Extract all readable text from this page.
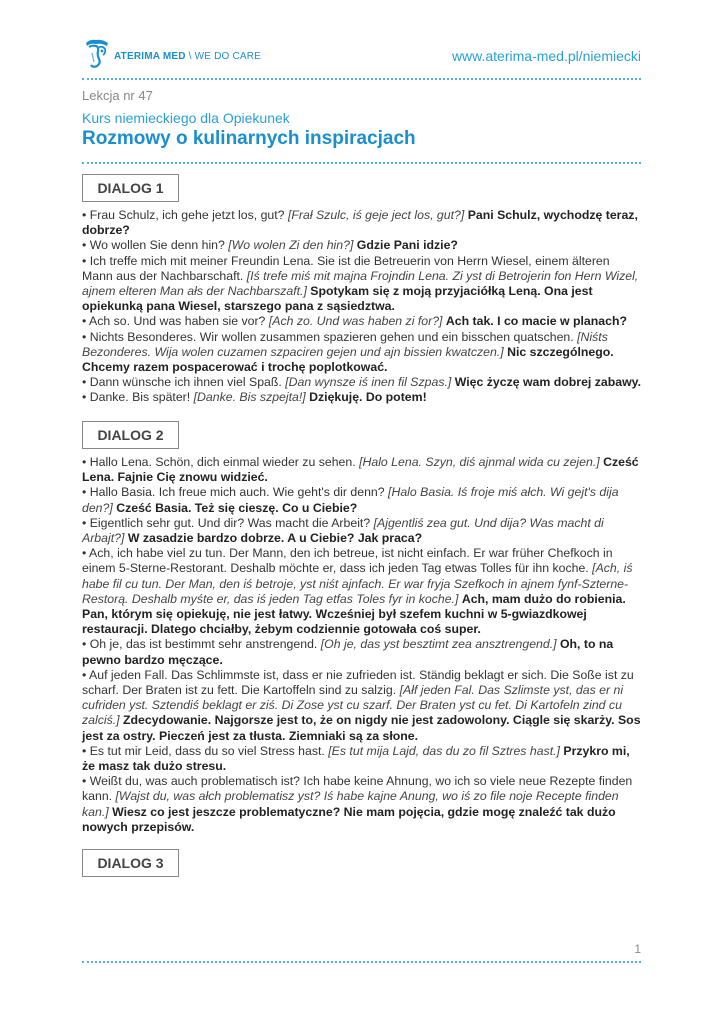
ATERIMA MED \ WE DO CARE	www.aterima-med.pl/niemiecki
Lekcja nr 47
Kurs niemieckiego dla Opiekunek
Rozmowy o kulinarnych inspiracjach
DIALOG 1

• Frau Schulz, ich gehe jetzt los, gut? [Frał Szulc, iś geje ject los, gut?] Pani Schulz, wychodzę teraz, dobrze?

• Wo wollen Sie denn hin? [Wo wolen Zi den hin?] Gdzie Pani idzie?

• Ich treffe mich mit meiner Freundin Lena. Sie ist die Betreuerin von Herrn Wiesel, einem älteren Mann aus der Nachbarschaft. [Iś trefe miś mit majna Frojndin Lena. Zi yst di Betrojerin fon Hern Wizel, ajnem elteren Man ałs der Nachbarszaft.] Spotykam się z moją przyjaciółką Leną. Ona jest opiekunką pana Wiesel, starszego pana z sąsiedztwa.

• Ach so. Und was haben sie vor? [Ach zo. Und was haben zi for?] Ach tak. I co macie w planach?

• Nichts Besonderes. Wir wollen zusammen spazieren gehen und ein bisschen quatschen. [Niśts Bezonderes. Wija wolen cuzamen szpaciren gejen und ajn bissien kwatczen.] Nic szczególnego. Chcemy razem pospacerować i trochę poplotkować.

• Dann wünsche ich ihnen viel Spaß. [Dan wynsze iś inen fil Szpas.] Więc życzę wam dobrej zabawy.

• Danke. Bis später! [Danke. Bis szpejta!] Dziękuję. Do potem!

DIALOG 2

• Hallo Lena. Schön, dich einmal wieder zu sehen. [Halo Lena. Szyn, diś ajnmal wida cu zejen.] Cześć Lena. Fajnie Cię znowu widzieć.

• Hallo Basia. Ich freue mich auch. Wie geht's dir denn? [Halo Basia. Iś froje miś ałch. Wi gejt's dija den?] Cześć Basia. Też się cieszę. Co u Ciebie?

• Eigentlich sehr gut. Und dir? Was macht die Arbeit? [Ajgentliś zea gut. Und dija? Was macht di Arbajt?] W zasadzie bardzo dobrze. A u Ciebie? Jak praca?

• Ach, ich habe viel zu tun. Der Mann, den ich betreue, ist nicht einfach. Er war früher Chefkoch in einem 5-Sterne-Restorant. Deshalb möchte er, dass ich jeden Tag etwas Tolles für ihn koche. [Ach, iś habe fil cu tun. Der Man, den iś betroje, yst niśt ajnfach. Er war fryja Szefkoch in ajnem fynf-Szterne-Restorą. Deshalb myśte er, das iś jeden Tag etfas Toles fyr in koche.] Ach, mam dużo do robienia. Pan, którym się opiekuję, nie jest łatwy. Wcześniej był szefem kuchni w 5-gwiazdkowej restauracji. Dlatego chciałby, żebym codziennie gotowała coś super.

• Oh je, das ist bestimmt sehr anstrengend. [Oh je, das yst besztimt zea ansztrengend.] Oh, to na pewno bardzo męczące.

• Auf jeden Fall. Das Schlimmste ist, dass er nie zufrieden ist. Ständig beklagt er sich. Die Soße ist zu scharf. Der Braten ist zu fett. Die Kartoffeln sind zu salzig. [Ałf jeden Fal. Das Szlimste yst, das er ni cufriden yst. Sztendiś beklagt er ziś. Di Zose yst cu szarf. Der Braten yst cu fet. Di Kartofeln zind cu zalciś.] Zdecydowanie. Najgorsze jest to, że on nigdy nie jest zadowolony. Ciągle się skarży. Sos jest za ostry. Pieczeń jest za tłusta. Ziemniaki są za słone.

• Es tut mir Leid, dass du so viel Stress hast. [Es tut mija Lajd, das du zo fil Sztres hast.] Przykro mi, że masz tak dużo stresu.

• Weißt du, was auch problematisch ist? Ich habe keine Ahnung, wo ich so viele neue Rezepte finden kann. [Wajst du, was ałch problematisz yst? Iś habe kajne Anung, wo iś zo file noje Recepte finden kan.] Wiesz co jest jeszcze problematyczne? Nie mam pojęcia, gdzie mogę znaleźć tak dużo nowych przepisów.

DIALOG 3
1
